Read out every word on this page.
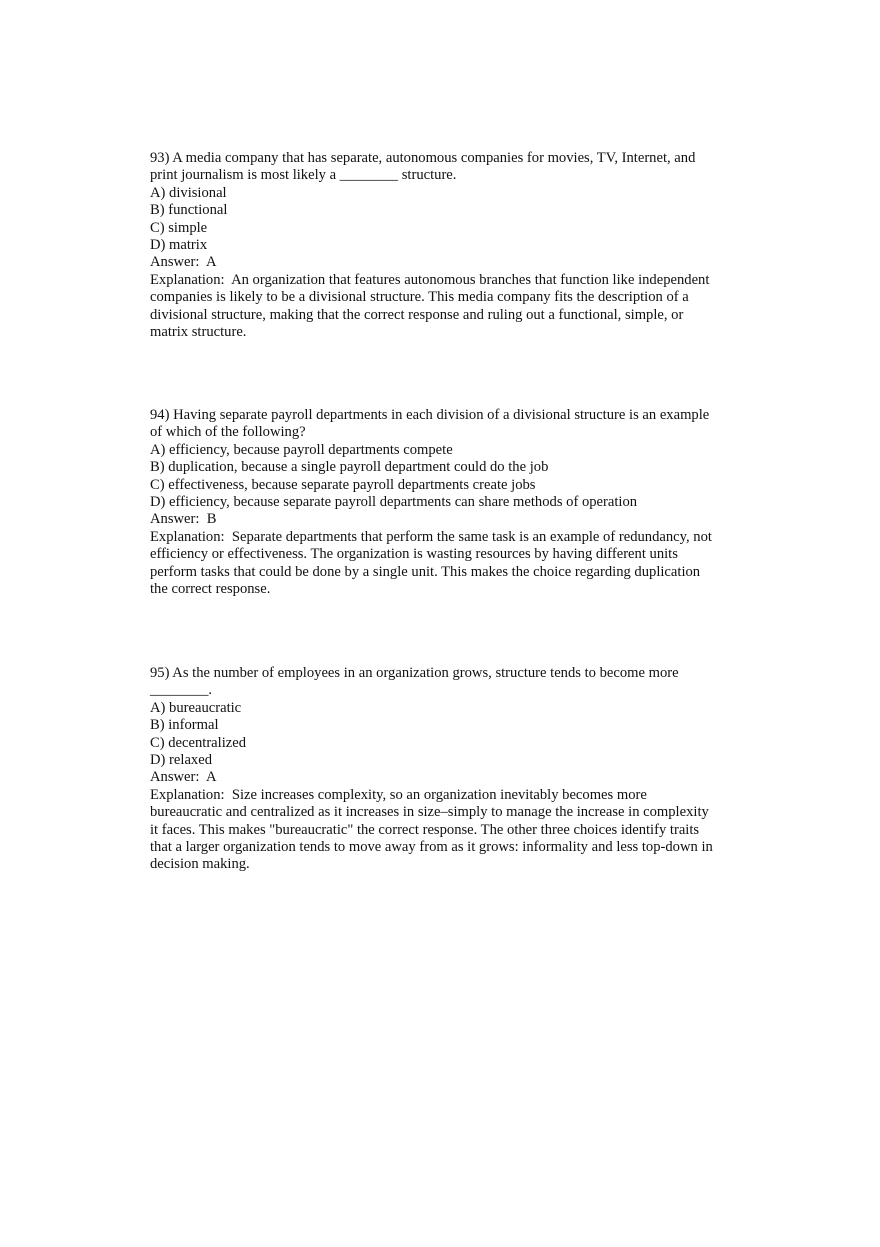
93) A media company that has separate, autonomous companies for movies, TV, Internet, and
print journalism is most likely a ________ structure.
A) divisional
B) functional
C) simple
D) matrix
Answer:  A
Explanation:  An organization that features autonomous branches that function like independent
companies is likely to be a divisional structure. This media company fits the description of a
divisional structure, making that the correct response and ruling out a functional, simple, or
matrix structure.
94) Having separate payroll departments in each division of a divisional structure is an example
of which of the following?
A) efficiency, because payroll departments compete
B) duplication, because a single payroll department could do the job
C) effectiveness, because separate payroll departments create jobs
D) efficiency, because separate payroll departments can share methods of operation
Answer:  B
Explanation:  Separate departments that perform the same task is an example of redundancy, not
efficiency or effectiveness. The organization is wasting resources by having different units
perform tasks that could be done by a single unit. This makes the choice regarding duplication
the correct response.
95) As the number of employees in an organization grows, structure tends to become more
________.
A) bureaucratic
B) informal
C) decentralized
D) relaxed
Answer:  A
Explanation:  Size increases complexity, so an organization inevitably becomes more
bureaucratic and centralized as it increases in size–simply to manage the increase in complexity
it faces. This makes "bureaucratic" the correct response. The other three choices identify traits
that a larger organization tends to move away from as it grows: informality and less top-down in
decision making.
